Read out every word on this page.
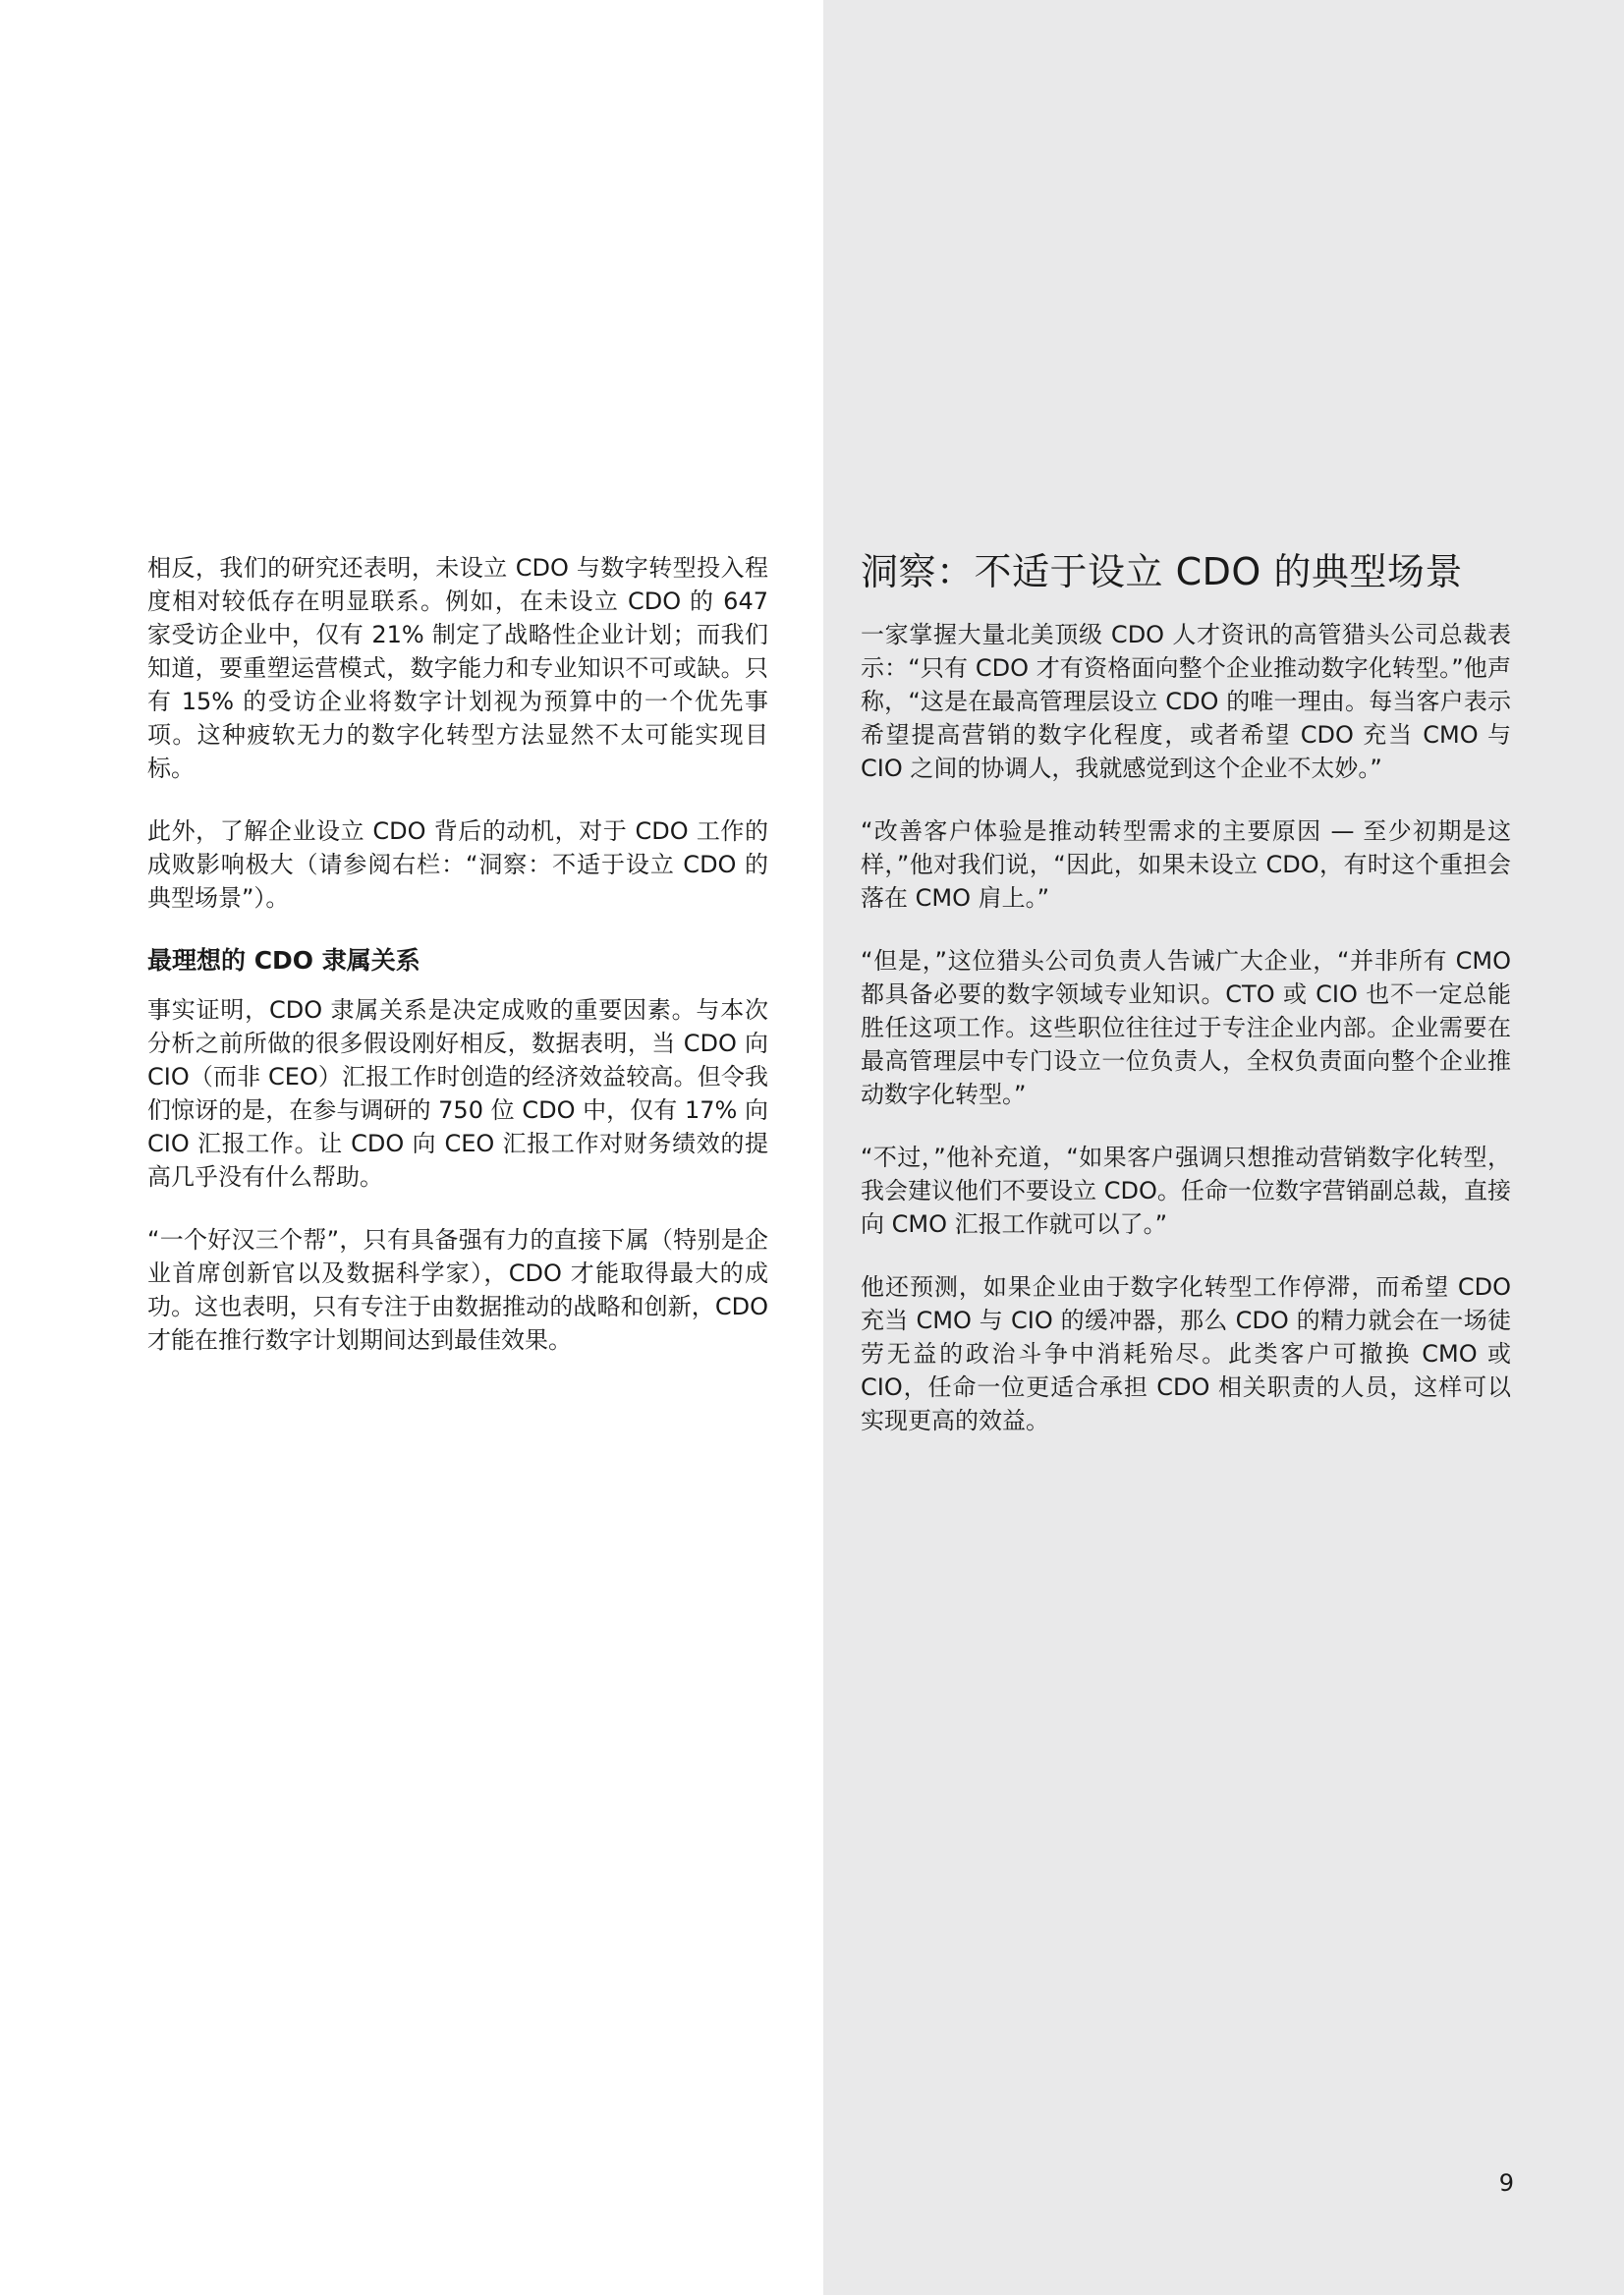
相反，我们的研究还表明，未设立 CDO 与数字转型投入程度相对较低存在明显联系。例如，在未设立 CDO 的 647 家受访企业中，仅有 21% 制定了战略性企业计划；而我们知道，要重塑运营模式，数字能力和专业知识不可或缺。只有 15% 的受访企业将数字计划视为预算中的一个优先事项。这种疲软无力的数字化转型方法显然不太可能实现目标。

此外，了解企业设立 CDO 背后的动机，对于 CDO 工作的成败影响极大（请参阅右栏：“洞察：不适于设立 CDO 的典型场景”）。

最理想的 CDO 隶属关系

事实证明，CDO 隶属关系是决定成败的重要因素。与本次分析之前所做的很多假设刚好相反，数据表明，当 CDO 向 CIO（而非 CEO）汇报工作时创造的经济效益较高。但令我们惊讶的是，在参与调研的 750 位 CDO 中，仅有 17% 向 CIO 汇报工作。让 CDO 向 CEO 汇报工作对财务绩效的提高几乎没有什么帮助。

“一个好汉三个帮”，只有具备强有力的直接下属（特别是企业首席创新官以及数据科学家），CDO 才能取得最大的成功。这也表明，只有专注于由数据推动的战略和创新，CDO 才能在推行数字计划期间达到最佳效果。

洞察：不适于设立 CDO 的典型场景

一家掌握大量北美顶级 CDO 人才资讯的高管猎头公司总裁表示：“只有 CDO 才有资格面向整个企业推动数字化转型。”他声称，“这是在最高管理层设立 CDO 的唯一理由。每当客户表示希望提高营销的数字化程度，或者希望 CDO 充当 CMO 与 CIO 之间的协调人，我就感觉到这个企业不太妙。”

“改善客户体验是推动转型需求的主要原因 — 至少初期是这样，”他对我们说，“因此，如果未设立 CDO，有时这个重担会落在 CMO 肩上。”

“但是，”这位猎头公司负责人告诫广大企业，“并非所有 CMO 都具备必要的数字领域专业知识。CTO 或 CIO 也不一定总能胜任这项工作。这些职位往往过于专注企业内部。企业需要在最高管理层中专门设立一位负责人，全权负责面向整个企业推动数字化转型。”

“不过，”他补充道，“如果客户强调只想推动营销数字化转型，我会建议他们不要设立 CDO。任命一位数字营销副总裁，直接向 CMO 汇报工作就可以了。”

他还预测，如果企业由于数字化转型工作停滞，而希望 CDO 充当 CMO 与 CIO 的缓冲器，那么 CDO 的精力就会在一场徒劳无益的政治斗争中消耗殆尽。此类客户可撤换 CMO 或 CIO，任命一位更适合承担 CDO 相关职责的人员，这样可以实现更高的效益。

9
